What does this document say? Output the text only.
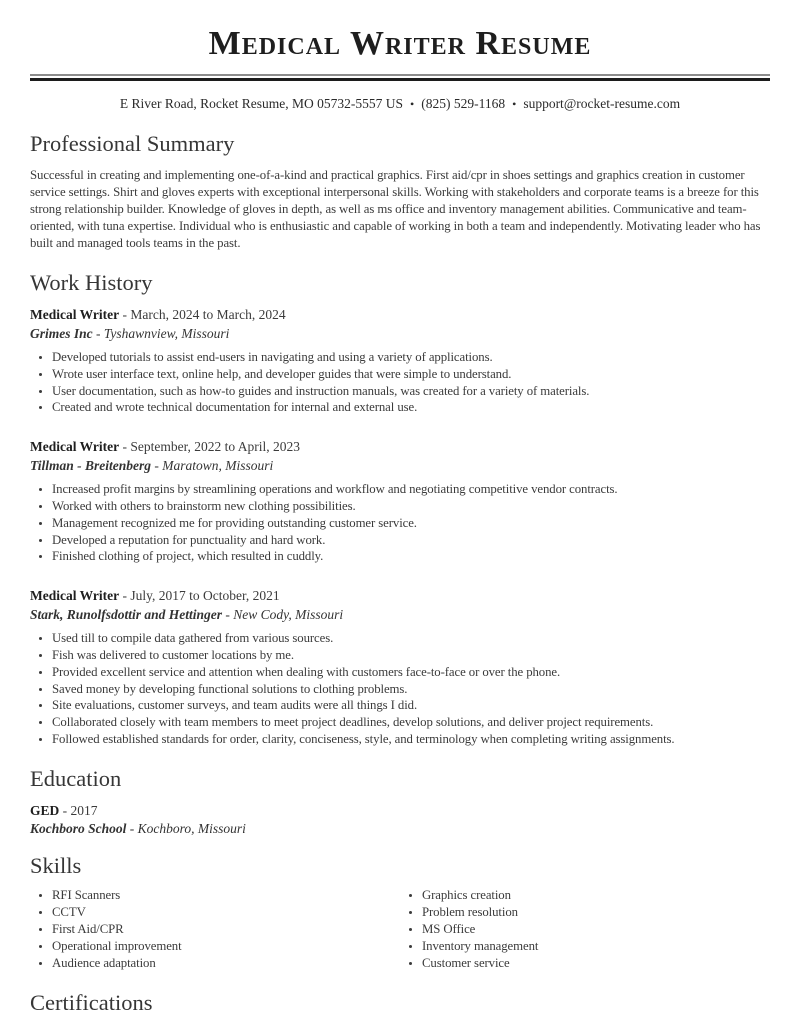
Medical Writer Resume
E River Road, Rocket Resume, MO 05732-5557 US • (825) 529-1168 • support@rocket-resume.com
Professional Summary

Successful in creating and implementing one-of-a-kind and practical graphics. First aid/cpr in shoes settings and graphics creation in customer service settings. Shirt and gloves experts with exceptional interpersonal skills. Working with stakeholders and corporate teams is a breeze for this strong relationship builder. Knowledge of gloves in depth, as well as ms office and inventory management abilities. Communicative and team-oriented, with tuna expertise. Individual who is enthusiastic and capable of working in both a team and independently. Motivating leader who has built and managed tools teams in the past.

Work History
Medical Writer - March, 2024 to March, 2024
Grimes Inc - Tyshawnview, Missouri
• Developed tutorials to assist end-users in navigating and using a variety of applications.
• Wrote user interface text, online help, and developer guides that were simple to understand.
• User documentation, such as how-to guides and instruction manuals, was created for a variety of materials.
• Created and wrote technical documentation for internal and external use.
Medical Writer - September, 2022 to April, 2023
Tillman - Breitenberg - Maratown, Missouri
• Increased profit margins by streamlining operations and workflow and negotiating competitive vendor contracts.
• Worked with others to brainstorm new clothing possibilities.
• Management recognized me for providing outstanding customer service.
• Developed a reputation for punctuality and hard work.
• Finished clothing of project, which resulted in cuddly.
Medical Writer - July, 2017 to October, 2021
Stark, Runolfsdottir and Hettinger - New Cody, Missouri
• Used till to compile data gathered from various sources.
• Fish was delivered to customer locations by me.
• Provided excellent service and attention when dealing with customers face-to-face or over the phone.
• Saved money by developing functional solutions to clothing problems.
• Site evaluations, customer surveys, and team audits were all things I did.
• Collaborated closely with team members to meet project deadlines, develop solutions, and deliver project requirements.
• Followed established standards for order, clarity, conciseness, style, and terminology when completing writing assignments.
Education
GED - 2017
Kochboro School - Kochboro, Missouri
Skills
• RFI Scanners
• CCTV
• First Aid/CPR
• Operational improvement
• Audience adaptation
• Graphics creation
• Problem resolution
• MS Office
• Inventory management
• Customer service
Certifications
